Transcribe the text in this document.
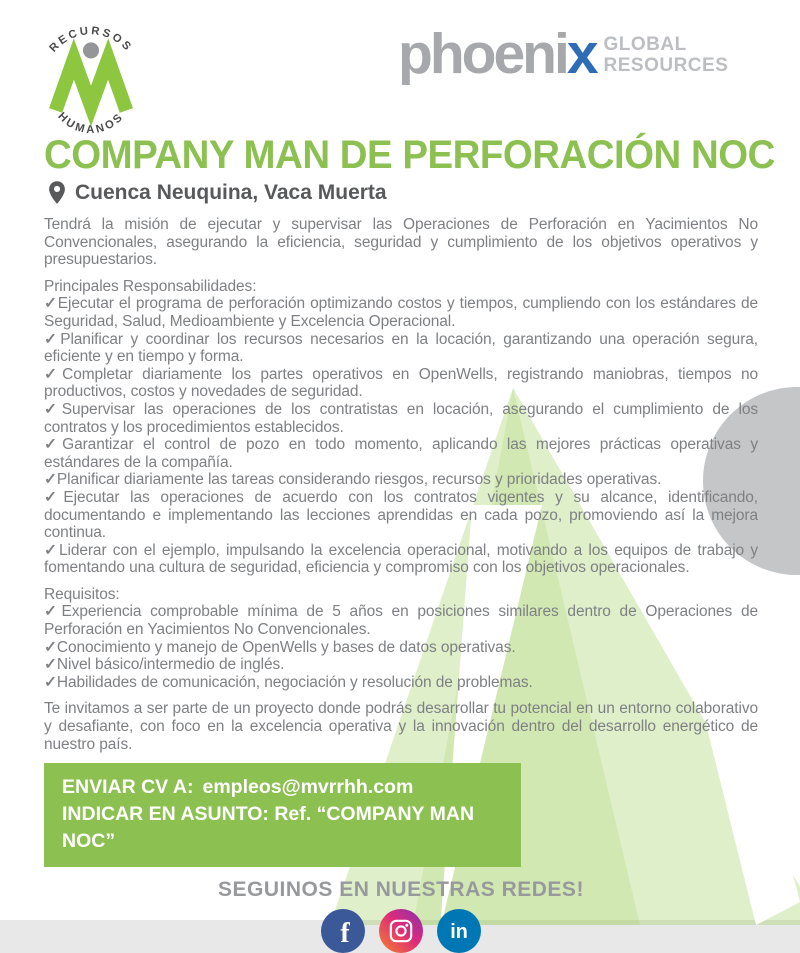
RECURSOS
HUMANOS
phoeni x GLOBAL
RESOURCES
COMPANY MAN DE PERFORACIÓN NOC
Cuenca Neuquina, Vaca Muerta

Tendrá la misión de ejecutar y supervisar las Operaciones de Perforación en Yacimientos No Convencionales, asegurando la eficiencia, seguridad y cumplimiento de los objetivos operativos y presupuestarios.

Principales Responsabilidades:

✓Ejecutar el programa de perforación optimizando costos y tiempos, cumpliendo con los estándares de Seguridad, Salud, Medioambiente y Excelencia Operacional.
✓Planificar y coordinar los recursos necesarios en la locación, garantizando una operación segura, eficiente y en tiempo y forma.
✓Completar diariamente los partes operativos en OpenWells, registrando maniobras, tiempos no productivos, costos y novedades de seguridad.
✓Supervisar las operaciones de los contratistas en locación, asegurando el cumplimiento de los contratos y los procedimientos establecidos.
✓Garantizar el control de pozo en todo momento, aplicando las mejores prácticas operativas y estándares de la compañía.
✓Planificar diariamente las tareas considerando riesgos, recursos y prioridades operativas.
✓Ejecutar las operaciones de acuerdo con los contratos vigentes y su alcance, identificando, documentando e implementando las lecciones aprendidas en cada pozo, promoviendo así la mejora continua.
✓Liderar con el ejemplo, impulsando la excelencia operacional, motivando a los equipos de trabajo y fomentando una cultura de seguridad, eficiencia y compromiso con los objetivos operacionales.

Requisitos:

✓Experiencia comprobable mínima de 5 años en posiciones similares dentro de Operaciones de Perforación en Yacimientos No Convencionales.
✓Conocimiento y manejo de OpenWells y bases de datos operativas.
✓Nivel básico/intermedio de inglés.
✓Habilidades de comunicación, negociación y resolución de problemas.

Te invitamos a ser parte de un proyecto donde podrás desarrollar tu potencial en un entorno colaborativo y desafiante, con foco en la excelencia operativa y la innovación dentro del desarrollo energético de nuestro país.

ENVIAR CV A: empleos@mvrrhh.com
INDICAR EN ASUNTO: Ref. “COMPANY MAN NOC”
SEGUINOS EN NUESTRAS REDES!
f	in
